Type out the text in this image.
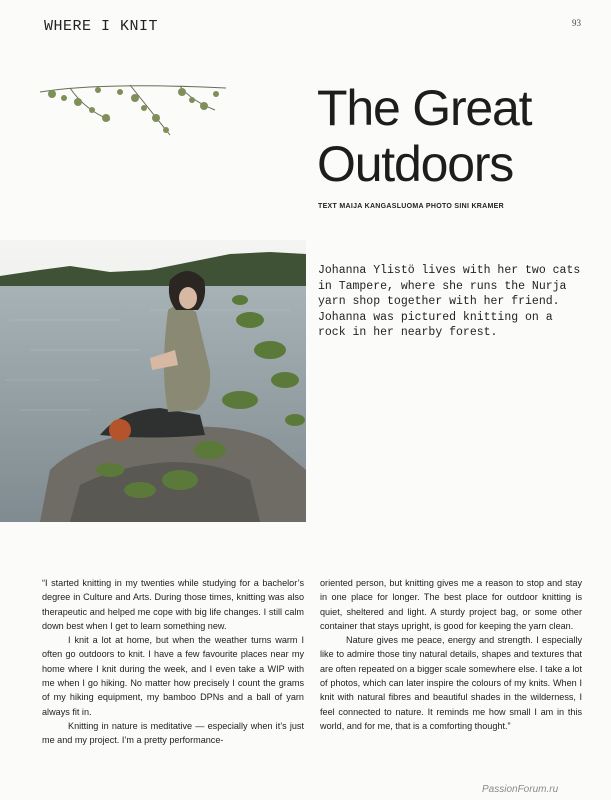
WHERE I KNIT	93
The Great
Outdoors
TEXT MAIJA KANGASLUOMA PHOTO SINI KRAMER

Johanna Ylistö lives with her two cats in Tampere, where she runs the Nurja yarn shop together with her friend. Johanna was pictured knitting on a rock in her nearby forest.

“I started knitting in my twenties while studying for a bachelor’s degree in Culture and Arts. During those times, knitting was also therapeutic and helped me cope with big life changes. I still calm down best when I get to learn something new.

I knit a lot at home, but when the weather turns warm I often go outdoors to knit. I have a few favourite places near my home where I knit during the week, and I even take a WIP with me when I go hiking. No matter how precisely I count the grams of my hiking equipment, my bamboo DPNs and a ball of yarn always fit in.

Knitting in nature is meditative — especially when it’s just me and my project. I’m a pretty performance-

oriented person, but knitting gives me a reason to stop and stay in one place for longer. The best place for outdoor knitting is quiet, sheltered and light. A sturdy project bag, or some other container that stays upright, is good for keeping the yarn clean.

Nature gives me peace, energy and strength. I especially like to admire those tiny natural details, shapes and textures that are often repeated on a bigger scale somewhere else. I take a lot of photos, which can later inspire the colours of my knits. When I knit with natural fibres and beautiful shades in the wilderness, I feel connected to nature. It reminds me how small I am in this world, and for me, that is a comforting thought.”

PassionForum.ru
